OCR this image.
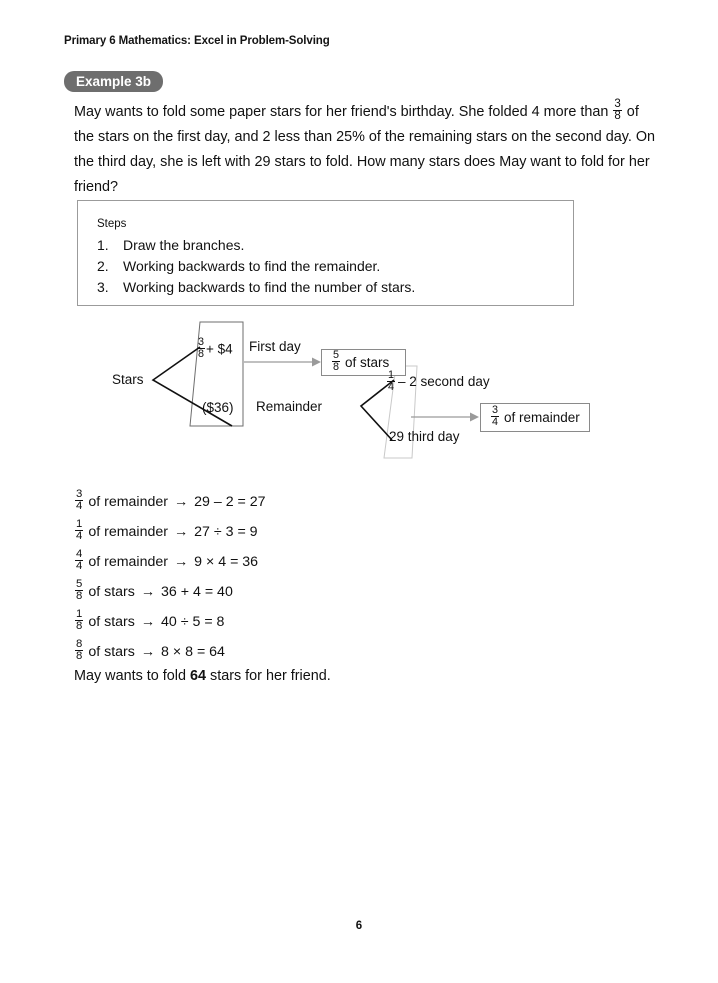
Primary 6 Mathematics: Excel in Problem-Solving
Example 3b
May wants to fold some paper stars for her friend's birthday. She folded 4 more than $\frac{3}{8}$ of the stars on the first day, and 2 less than 25% of the remaining stars on the second day. On the third day, she is left with 29 stars to fold. How many stars does May want to fold for her friend?
Steps
1. Draw the branches.
2. Working backwards to find the remainder.
3. Working backwards to find the number of stars.
Stars
$\frac{3}{8}$ + $4
($36)
First day
$\frac{5}{8}$ of stars
Remainder
$\frac{1}{4} - 2$ second day
29 third day
$\frac{3}{4}$ of remainder
$\frac{3}{4}$ of remainder → 29 – 2 = 27
$\frac{1}{4}$ of remainder → 27 ÷ 3 = 9
$\frac{4}{4}$ of remainder → 9 × 4 = 36
$\frac{5}{8}$ of stars → 36 + 4 = 40
$\frac{1}{8}$ of stars → 40 ÷ 5 = 8
$\frac{8}{8}$ of stars → 8 × 8 = 64
May wants to fold 64 stars for her friend.
6
